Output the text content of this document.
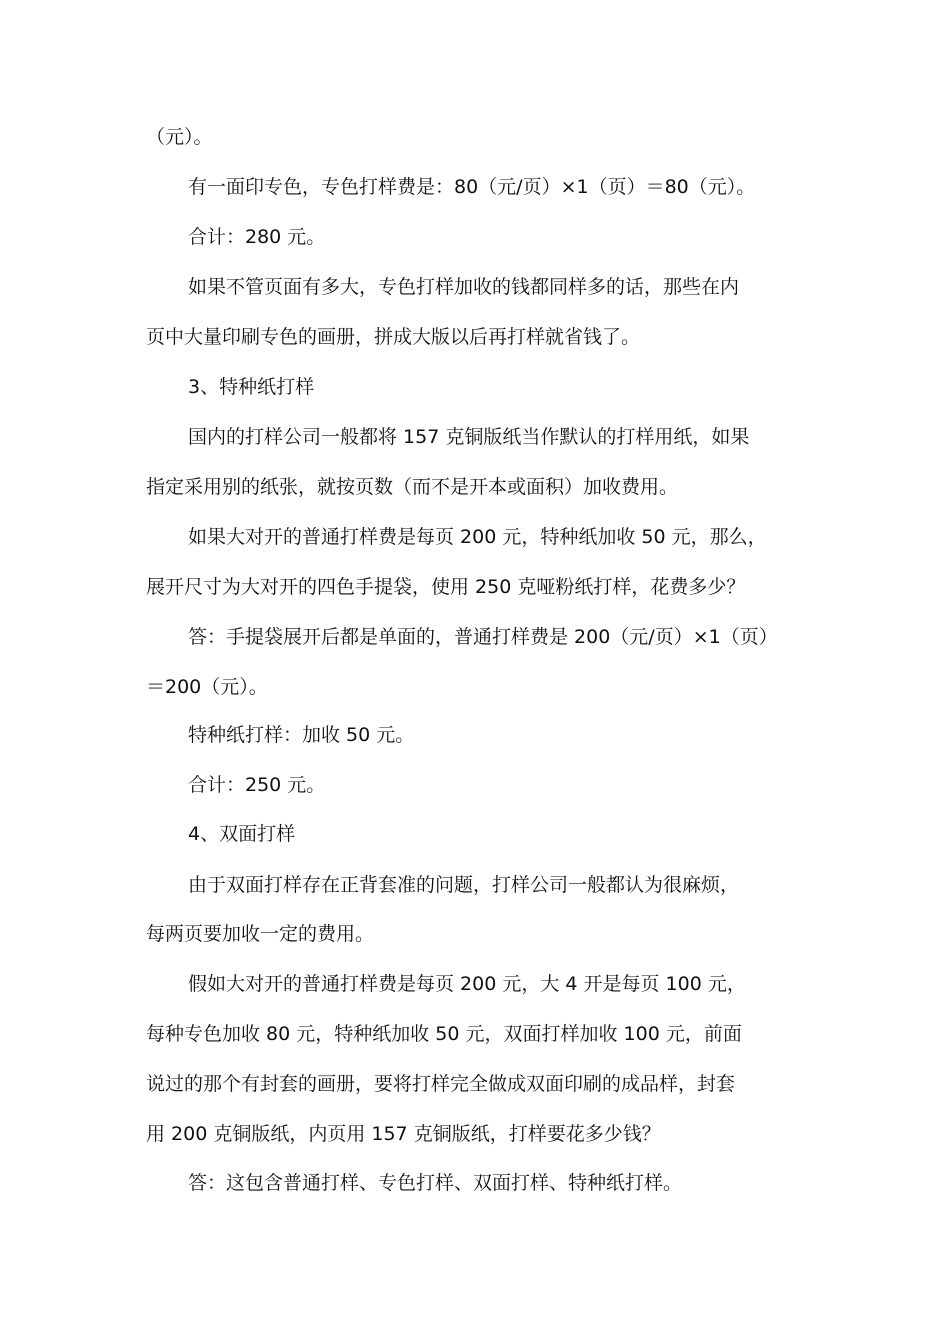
（元）。
有一面印专色，专色打样费是：80（元/页）×1（页）＝80（元）。
合计：280 元。
如果不管页面有多大，专色打样加收的钱都同样多的话，那些在内
页中大量印刷专色的画册，拼成大版以后再打样就省钱了。
3、特种纸打样
国内的打样公司一般都将 157 克铜版纸当作默认的打样用纸，如果
指定采用别的纸张，就按页数（而不是开本或面积）加收费用。
如果大对开的普通打样费是每页 200 元，特种纸加收 50 元，那么，
展开尺寸为大对开的四色手提袋，使用 250 克哑粉纸打样，花费多少？
答：手提袋展开后都是单面的，普通打样费是 200（元/页）×1（页）
＝200（元）。
特种纸打样：加收 50 元。
合计：250 元。
4、双面打样
由于双面打样存在正背套准的问题，打样公司一般都认为很麻烦，
每两页要加收一定的费用。
假如大对开的普通打样费是每页 200 元，大 4 开是每页 100 元，
每种专色加收 80 元，特种纸加收 50 元，双面打样加收 100 元，前面
说过的那个有封套的画册，要将打样完全做成双面印刷的成品样，封套
用 200 克铜版纸，内页用 157 克铜版纸，打样要花多少钱？
答：这包含普通打样、专色打样、双面打样、特种纸打样。
